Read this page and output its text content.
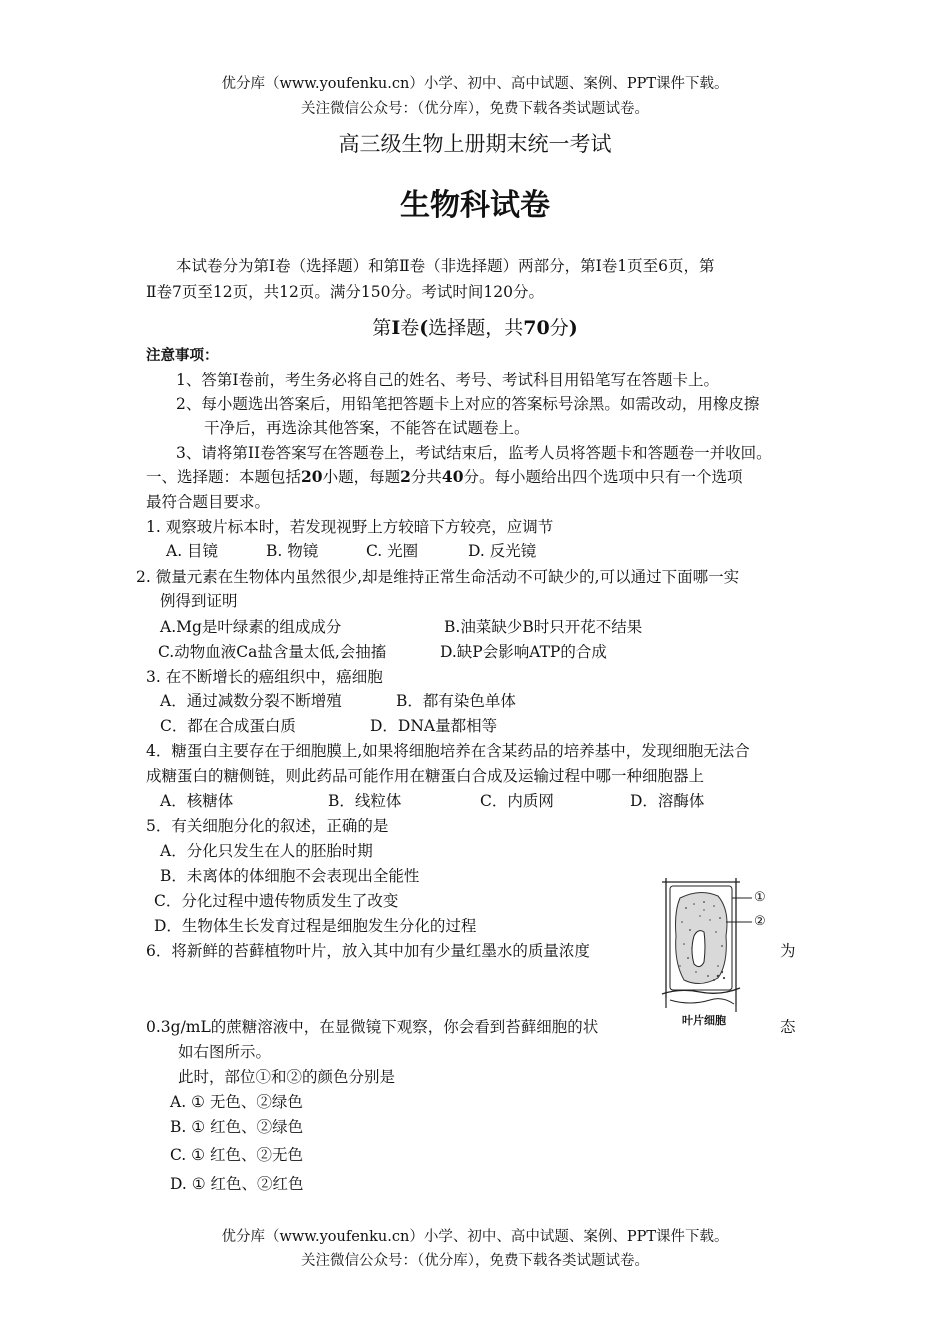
优分库（www.youfenku.cn）小学、初中、高中试题、案例、PPT课件下载。
关注微信公众号：（优分库），免费下载各类试题试卷。
高三级生物上册期末统一考试
生物科试卷
本试卷分为第Ⅰ卷（选择题）和第Ⅱ卷（非选择题）两部分，第Ⅰ卷1页至6页，第
Ⅱ卷7页至12页，共12页。满分150分。考试时间120分。
第I卷(选择题，共70分)
注意事项：
1、答第I卷前，考生务必将自己的姓名、考号、考试科目用铅笔写在答题卡上。
2、每小题选出答案后，用铅笔把答题卡上对应的答案标号涂黑。如需改动，用橡皮擦
干净后，再选涂其他答案，不能答在试题卷上。
3、请将第II卷答案写在答题卷上，考试结束后，监考人员将答题卡和答题卷一并收回。
一、选择题：本题包括20小题，每题2分共40分。每小题给出四个选项中只有一个选项
最符合题目要求。
1. 观察玻片标本时，若发现视野上方较暗下方较亮，应调节
A. 目镜	B. 物镜	C. 光圈	D. 反光镜
2. 微量元素在生物体内虽然很少,却是维持正常生命活动不可缺少的,可以通过下面哪一实
例得到证明
A.Mg是叶绿素的组成成分	B.油菜缺少B时只开花不结果
C.动物血液Ca盐含量太低,会抽搐	D.缺P会影响ATP的合成
3. 在不断增长的癌组织中，癌细胞
A．通过减数分裂不断增殖	B．都有染色单体
C．都在合成蛋白质	D．DNA量都相等
4．糖蛋白主要存在于细胞膜上,如果将细胞培养在含某药品的培养基中，发现细胞无法合
成糖蛋白的糖侧链，则此药品可能作用在糖蛋白合成及运输过程中哪一种细胞器上
A．核糖体	B．线粒体	C．内质网	D．溶酶体
5．有关细胞分化的叙述，正确的是
A．分化只发生在人的胚胎时期
B．未离体的体细胞不会表现出全能性
C．分化过程中遗传物质发生了改变
D．生物体生长发育过程是细胞发生分化的过程
6．将新鲜的苔藓植物叶片，放入其中加有少量红墨水的质量浓度	为
0.3g/mL的蔗糖溶液中，在显微镜下观察，你会看到苔藓细胞的状	态
如右图所示。
此时，部位①和②的颜色分别是
A. ① 无色、②绿色
B. ① 红色、②绿色
C. ① 红色、②无色
D. ① 红色、②红色
①
②
叶片细胞
优分库（www.youfenku.cn）小学、初中、高中试题、案例、PPT课件下载。
关注微信公众号：（优分库），免费下载各类试题试卷。
